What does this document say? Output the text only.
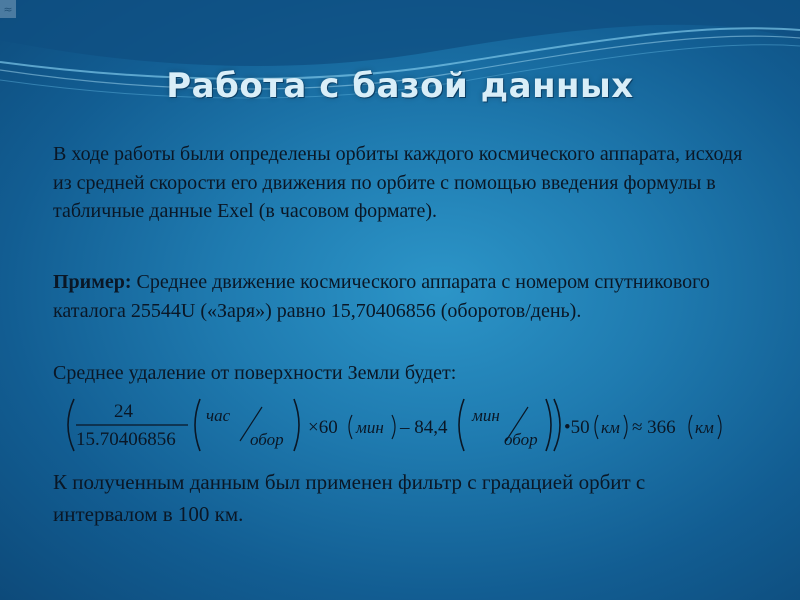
Работа с базой данных

В ходе работы были определены орбиты каждого космического аппарата, исходя из средней скорости его движения по орбите с помощью введения формулы в табличные данные Exel (в часовом формате).

Пример: Среднее движение космического аппарата с номером спутникового каталога 25544U («Заря») равно 15,70406856 (оборотов/день).

Среднее удаление от поверхности Земли будет:

24
15.70406856
час
обор
×60 мин – 84,4
мин
обор
•50 км ≈ 366 км

К полученным данным был применен фильтр с градацией орбит с интервалом в 100 км.
